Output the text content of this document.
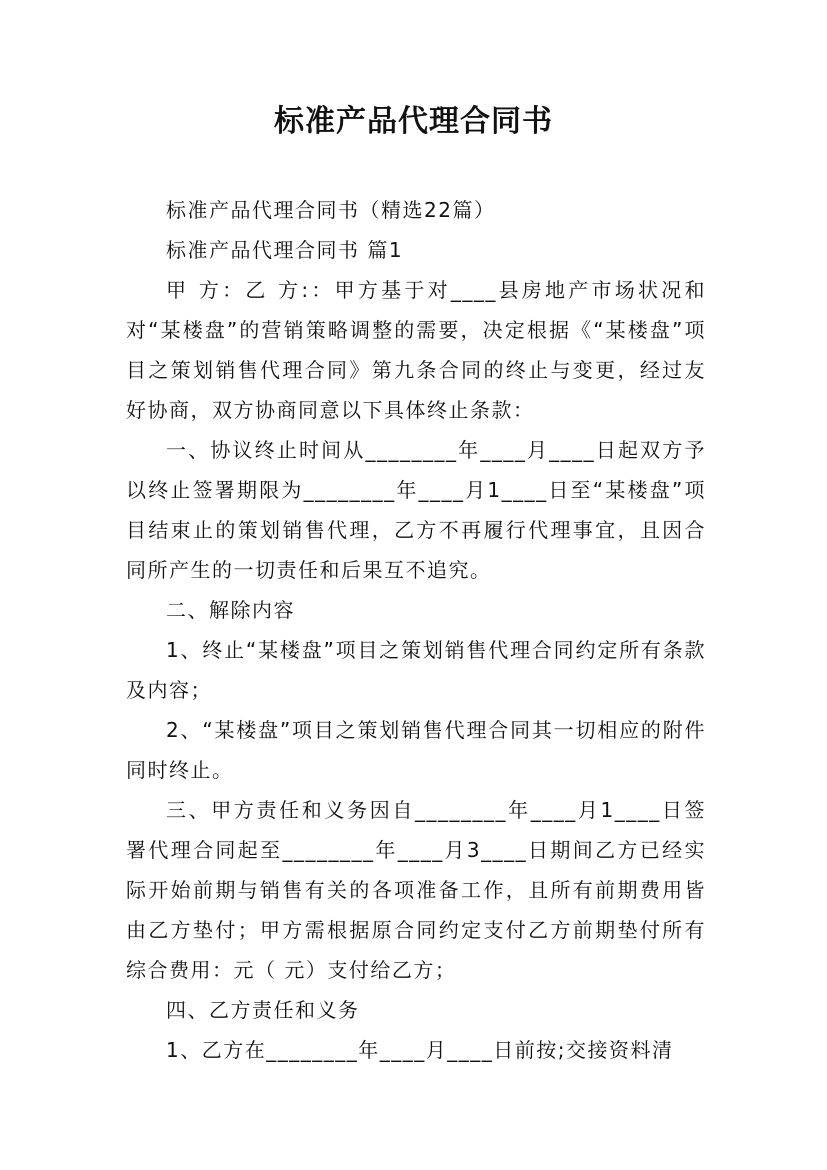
标准产品代理合同书

标准产品代理合同书（精选22篇）

标准产品代理合同书 篇1

甲 方：乙 方:：甲方基于对____县房地产市场状况和对“某楼盘”的营销策略调整的需要，决定根据《“某楼盘”项目之策划销售代理合同》第九条合同的终止与变更，经过友好协商，双方协商同意以下具体终止条款：

一、协议终止时间从________年____月____日起双方予以终止签署期限为________年____月1____日至“某楼盘”项目结束止的策划销售代理，乙方不再履行代理事宜，且因合同所产生的一切责任和后果互不追究。

二、解除内容

1、终止“某楼盘”项目之策划销售代理合同约定所有条款及内容；

2、“某楼盘”项目之策划销售代理合同其一切相应的附件同时终止。

三、甲方责任和义务因自________年____月1____日签署代理合同起至________年____月3____日期间乙方已经实际开始前期与销售有关的各项准备工作，且所有前期费用皆由乙方垫付；甲方需根据原合同约定支付乙方前期垫付所有综合费用：元（ 元）支付给乙方；

四、乙方责任和义务

1、乙方在________年____月____日前按;交接资料清
